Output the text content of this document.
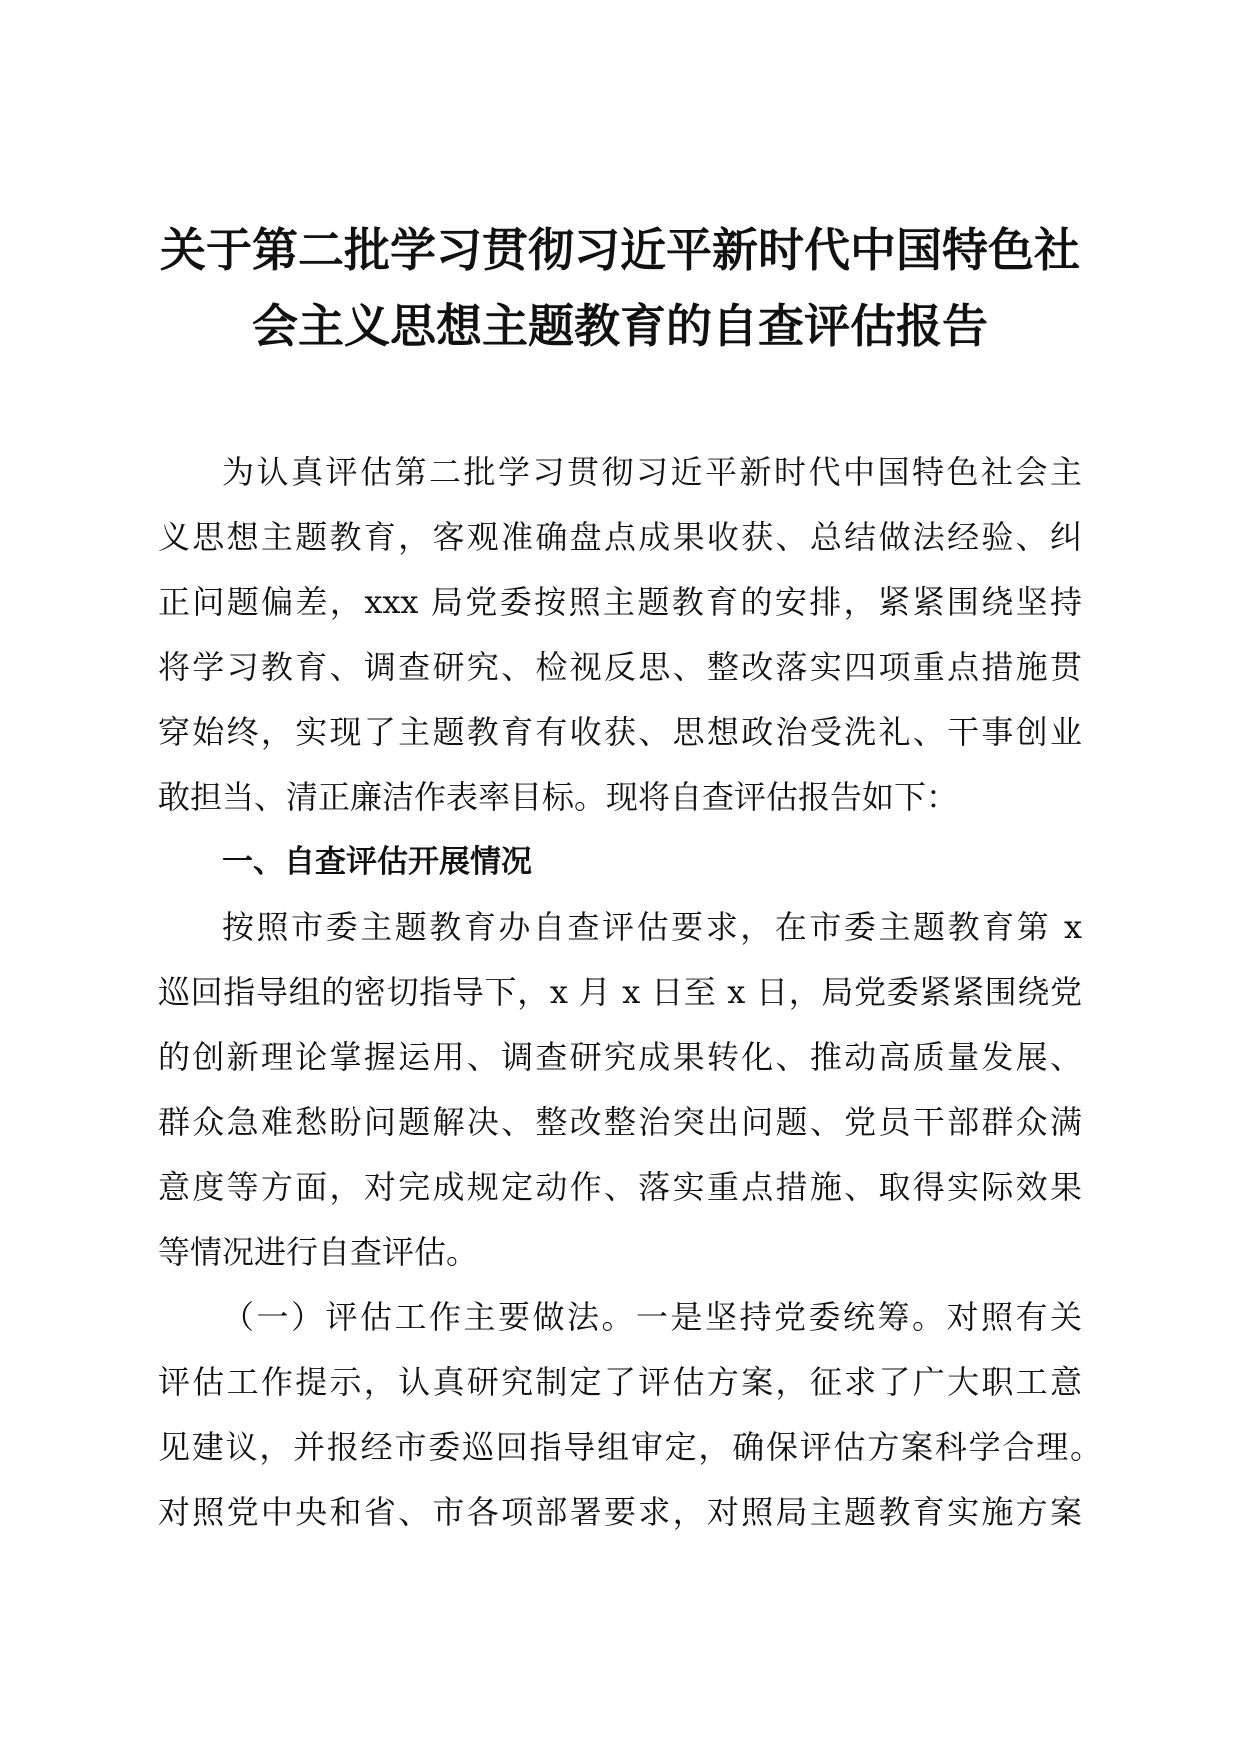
关于第二批学习贯彻习近平新时代中国特色社
会主义思想主题教育的自查评估报告
为认真评估第二批学习贯彻习近平新时代中国特色社会主
义思想主题教育，客观准确盘点成果收获、总结做法经验、纠
正问题偏差，xxx 局党委按照主题教育的安排，紧紧围绕坚持
将学习教育、调查研究、检视反思、整改落实四项重点措施贯
穿始终，实现了主题教育有收获、思想政治受洗礼、干事创业
敢担当、清正廉洁作表率目标。现将自查评估报告如下：
一、自查评估开展情况
按照市委主题教育办自查评估要求，在市委主题教育第 x
巡回指导组的密切指导下，x 月 x 日至 x 日，局党委紧紧围绕党
的创新理论掌握运用、调查研究成果转化、推动高质量发展、
群众急难愁盼问题解决、整改整治突出问题、党员干部群众满
意度等方面，对完成规定动作、落实重点措施、取得实际效果
等情况进行自查评估。
（一）评估工作主要做法。一是坚持党委统筹。对照有关
评估工作提示，认真研究制定了评估方案，征求了广大职工意
见建议，并报经市委巡回指导组审定，确保评估方案科学合理。
对照党中央和省、市各项部署要求，对照局主题教育实施方案
